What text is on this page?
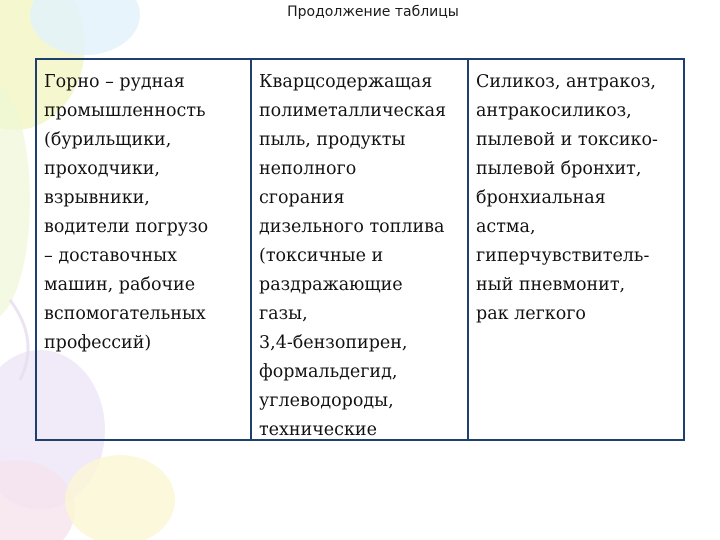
Продолжение таблицы
Горно – рудная
промышленность
(бурильщики,
проходчики,
взрывники,
водители погрузо
– доставочных
машин, рабочие
вспомогательных
профессий)
Кварцсодержащая
полиметаллическая
пыль, продукты
неполного
сгорания
дизельного топлива
(токсичные и
раздражающие
газы,
3,4-бензопирен,
формальдегид,
углеводороды,
технические
Силикоз, антракоз,
антракосиликоз,
пылевой и токсико-
пылевой бронхит,
бронхиальная
астма,
гиперчувствитель-
ный пневмонит,
рак легкого
